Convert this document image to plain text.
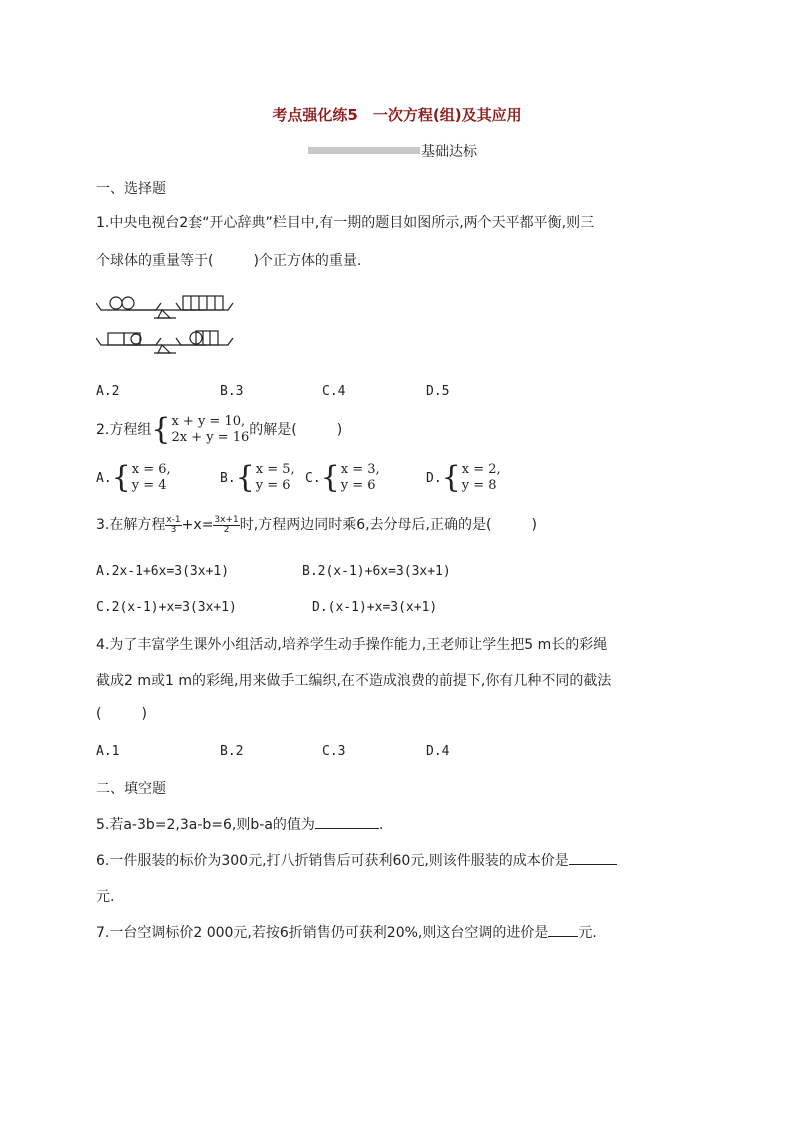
考点强化练5　一次方程(组)及其应用
基础达标
一、选择题
1.中央电视台2套“开心辞典”栏目中,有一期的题目如图所示,两个天平都平衡,则三
个球体的重量等于(	)个正方体的重量.
A.2	B.3	C.4	D.5
2.方程组 { x + y = 10,
2x + y = 16 的解是(	)
A. { x = 6,
y = 4	B. { x = 5,
y = 6	C. { x = 3,
y = 6	D. { x = 2,
y = 8
3.在解方程 $\frac{x-1}{3} +x= \frac{3x+1}{2}$ 时,方程两边同时乘6,去分母后,正确的是(	)
A.2x-1+6x=3(3x+1)	B.2(x-1)+6x=3(3x+1)
C.2(x-1)+x=3(3x+1)	D.(x-1)+x=3(x+1)
4.为了丰富学生课外小组活动,培养学生动手操作能力,王老师让学生把5 m长的彩绳
截成2 m或1 m的彩绳,用来做手工编织,在不造成浪费的前提下,你有几种不同的截法
(	)
A.1	B.2	C.3	D.4
二、填空题
5.若a-3b=2,3a-b=6,则b-a的值为	.
6.一件服装的标价为300元,打八折销售后可获利60元,则该件服装的成本价是
元.
7.一台空调标价2 000元,若按6折销售仍可获利20%,则这台空调的进价是 元.
